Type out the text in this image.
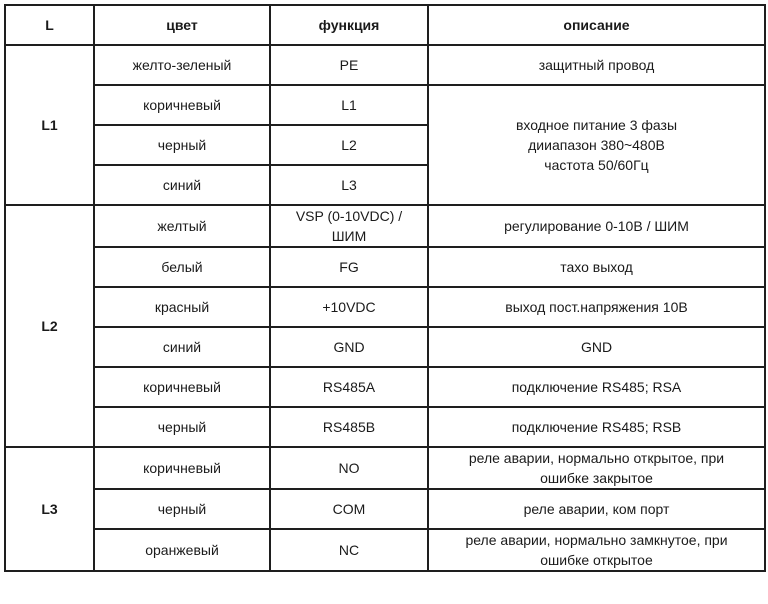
L	цвет	функция	описание
L1	желто-зеленый	PE	защитный провод
	коричневый	L1	входное питание 3 фазы
дииапазон 380~480В
частота 50/60Гц

	черный	L2	
	синий	L3	
L2	желтый	VSP (0-10VDC) /
ШИМ	регулирование 0-10В / ШИМ
	белый	FG	тахо выход
	красный	+10VDC	выход пост.напряжения 10В
	синий	GND	GND
	коричневый	RS485A	подключение RS485; RSA
	черный	RS485B	подключение RS485; RSB
L3	коричневый	NO	реле аварии, нормально открытое, при
ошибке закрытое

	черный	COM	реле аварии, ком порт
	оранжевый	NC	реле аварии, нормально замкнутое, при
ошибке открытое
